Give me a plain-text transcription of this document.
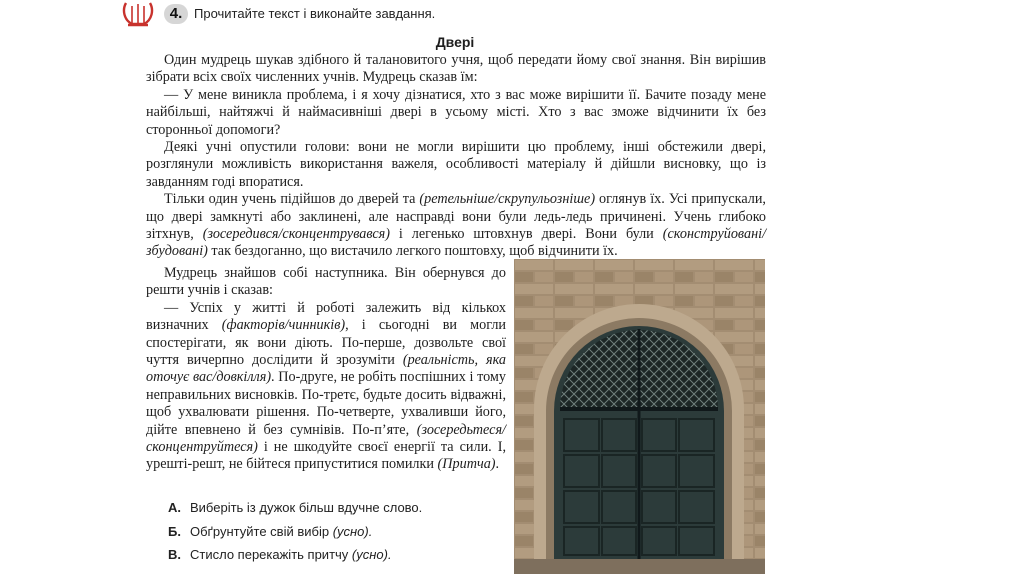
4. Прочитайте текст і виконайте завдання.
Двері

Один мудрець шукав здібного й талановитого учня, щоб передати йому свої знання. Він вирішив зібрати всіх своїх численних учнів. Мудрець сказав їм:

— У мене виникла проблема, і я хочу дізнатися, хто з вас може вирішити її. Бачите позаду мене найбільші, найтяжчі й наймасивніші двері в усьому місті. Хто з вас зможе відчинити їх без сторонньої допомоги?

Деякі учні опустили голови: вони не могли вирішити цю проблему, інші обстежили двері, розглянули можливість використання важеля, особливості матеріалу й дійшли висновку, що із завданням годі впоратися.

Тільки один учень підійшов до дверей та (ретельніше/скрупульозніше) оглянув їх. Усі припускали, що двері замкнуті або заклинені, але насправді вони були ледь-ледь причинені. Учень глибоко зітхнув, (зосередився/сконцентрувався) і легенько штовхнув двері. Вони були (сконструйовані/збудовані) так бездоганно, що вистачило легкого поштовху, щоб відчинити їх.

Мудрець знайшов собі наступника. Він обернувся до решти учнів і сказав:

— Успіх у житті й роботі залежить від кількох визначних (факторів/чинників), і сьогодні ви могли спостерігати, як вони діють. По-перше, дозвольте свої чуття вичерпно дослідити й зрозуміти (реальність, яка оточує вас/довкілля). По-друге, не робіть поспішних і тому неправильних висновків. По-третє, будьте досить відважні, щоб ухвалювати рішення. По-четверте, ухваливши його, дійте впевнено й без сумнівів. По-п’яте, (зосередьтеся/сконцентруйтеся) і не шкодуйте своєї енергії та сили. І, урешті-решт, не бійтеся припуститися помилки (Притча).

А. Виберіть із дужок більш вдучне слово.
Б. Обґрунтуйте свій вибір (усно).
В. Стисло перекажіть притчу (усно).
